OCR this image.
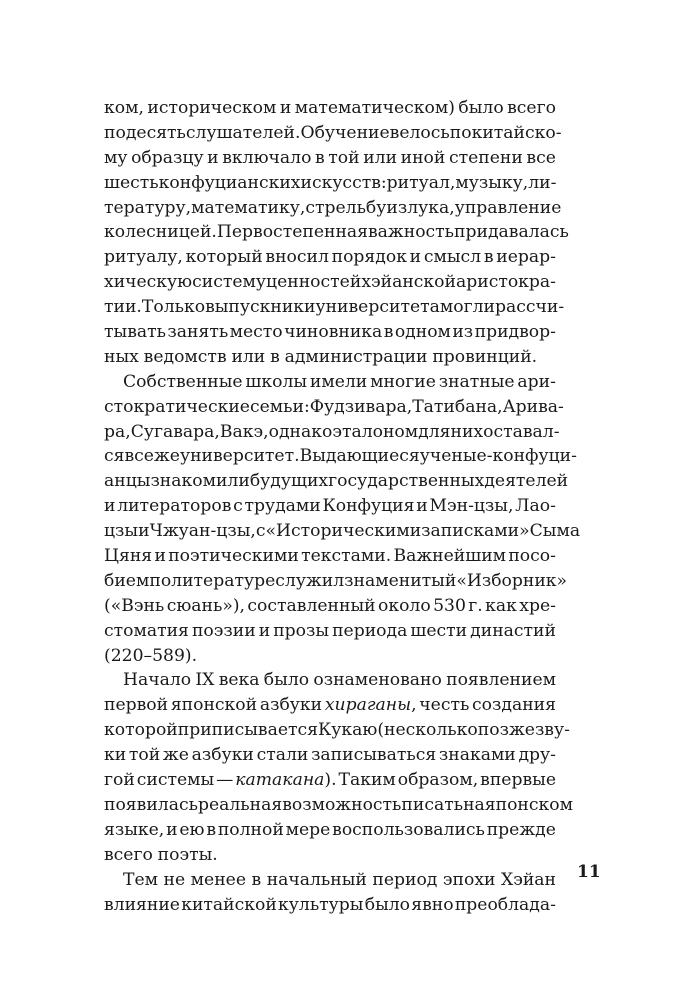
ком, историческом и математическом) было всего
по десять слушателей. Обучение велось по китайско-
му образцу и включало в той или иной степени все
шесть конфуцианских искусств: ритуал, музыку, ли-
тературу, математику, стрельбу из лука, управление
колесницей. Первостепенная важность придавалась
ритуалу, который вносил порядок и смысл в иерар-
хическую систему ценностей хэйанской аристокра-
тии. Только выпускники университета могли рассчи-
тывать занять место чиновника в одном из придвор-
ных ведомств или в администрации провинций.
Собственные школы имели многие знатные ари-
стократические семьи: Фудзивара, Татибана, Арива-
ра, Сугавара, Вакэ, однако эталоном для них оставал-
ся все же университет. Выдающиеся ученые-конфуци-
анцы знакомили будущих государственных деятелей
и литераторов с трудами Конфуция и Мэн-цзы, Лао-
цзы и Чжуан-цзы, с «Историческими записками» Сыма
Цяня и поэтическими текстами. Важнейшим посо-
бием по литературе служил знаменитый «Изборник»
(«Вэнь сюань»), составленный около 530 г. как хре-
стоматия поэзии и прозы периода шести династий
(220–589).
Начало IX века было ознаменовано появлением
первой японской азбуки хираганы, честь создания
которой приписывается Кукаю (несколько позже зву-
ки той же азбуки стали записываться знаками дру-
гой системы — катакана). Таким образом, впервые
появилась реальная возможность писать на японском
языке, и ею в полной мере воспользовались прежде
всего поэты.
Тем не менее в начальный период эпохи Хэйан
влияние китайской культуры было явно преоблада-
11
